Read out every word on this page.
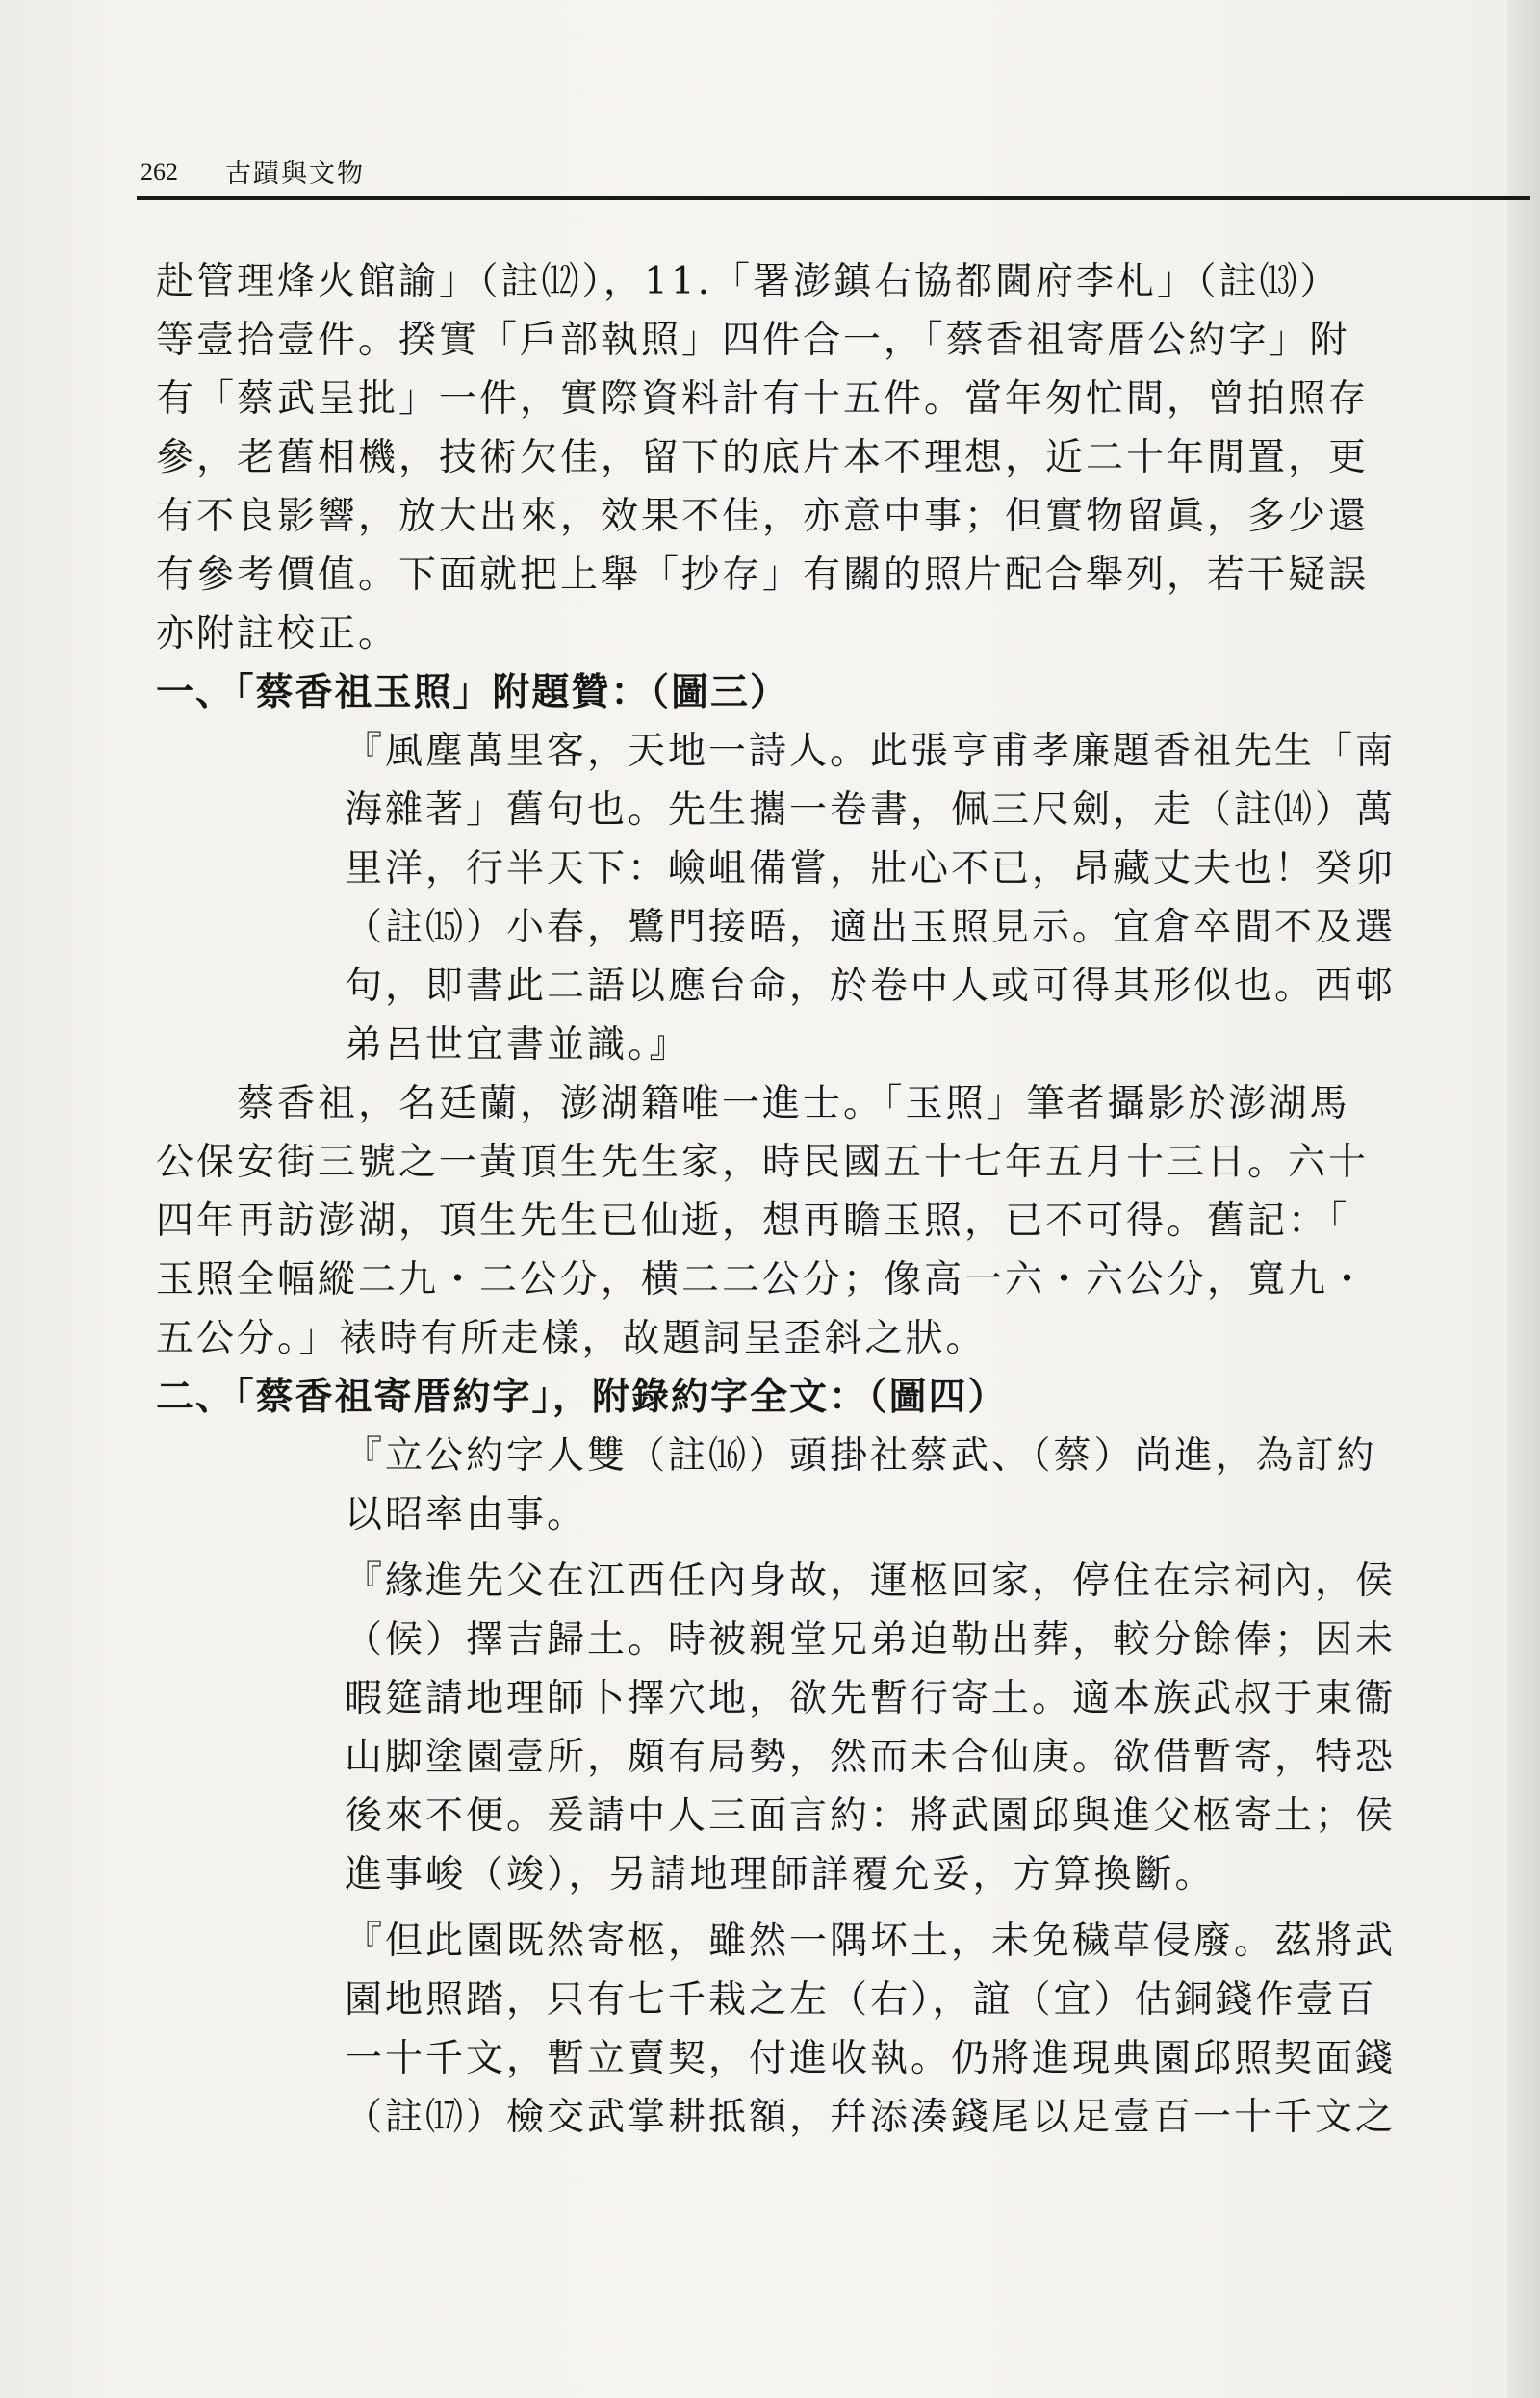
262 古蹟與文物
赴管理烽火館諭」（註⑿），11.「署澎鎮右協都閫府李札」（註⒀）
等壹拾壹件。揆實「戶部執照」四件合一，「蔡香祖寄厝公約字」附
有「蔡武呈批」一件，實際資料計有十五件。當年匆忙間，曾拍照存
參，老舊相機，技術欠佳，留下的底片本不理想，近二十年閒置，更
有不良影響，放大出來，效果不佳，亦意中事；但實物留眞，多少還
有參考價值。下面就把上舉「抄存」有關的照片配合舉列，若干疑誤
亦附註校正。
一、「蔡香祖玉照」附題贊：（圖三）
『風塵萬里客，天地一詩人。此張亨甫孝廉題香祖先生「南
海雜著」舊句也。先生攜一卷書，佩三尺劍，走（註⒁）萬
里洋，行半天下：嶮岨備嘗，壯心不已，昂藏丈夫也！癸卯
（註⒂）小春，鷺門接晤，適出玉照見示。宜倉卒間不及選
句，即書此二語以應台命，於卷中人或可得其形似也。西邨
弟呂世宜書並識。』
蔡香祖，名廷蘭，澎湖籍唯一進士。「玉照」筆者攝影於澎湖馬
公保安街三號之一黃頂生先生家，時民國五十七年五月十三日。六十
四年再訪澎湖，頂生先生已仙逝，想再瞻玉照，已不可得。舊記：「
玉照全幅縱二九・二公分，横二二公分；像高一六・六公分，寬九・
五公分。」裱時有所走樣，故題詞呈歪斜之狀。
二、「蔡香祖寄厝約字」，附錄約字全文：（圖四）
『立公約字人雙（註⒃）頭掛社蔡武、（蔡）尚進，為訂約
以昭率由事。
『緣進先父在江西任內身故，運柩回家，停住在宗祠內，侯
（候）擇吉歸土。時被親堂兄弟迫勒出葬，較分餘俸；因未
暇筵請地理師卜擇穴地，欲先暫行寄土。適本族武叔于東衞
山脚塗園壹所，頗有局勢，然而未合仙庚。欲借暫寄，特恐
後來不便。爰請中人三面言約：將武園邱與進父柩寄土；侯
進事峻（竣），另請地理師詳覆允妥，方算換斷。
『但此園既然寄柩，雖然一隅坏土，未免穢草侵廢。茲將武
園地照踏，只有七千栽之左（右），誼（宜）估銅錢作壹百
一十千文，暫立賣契，付進收執。仍將進現典園邱照契面錢
（註⒄）檢交武掌耕抵額，幷添湊錢尾以足壹百一十千文之
